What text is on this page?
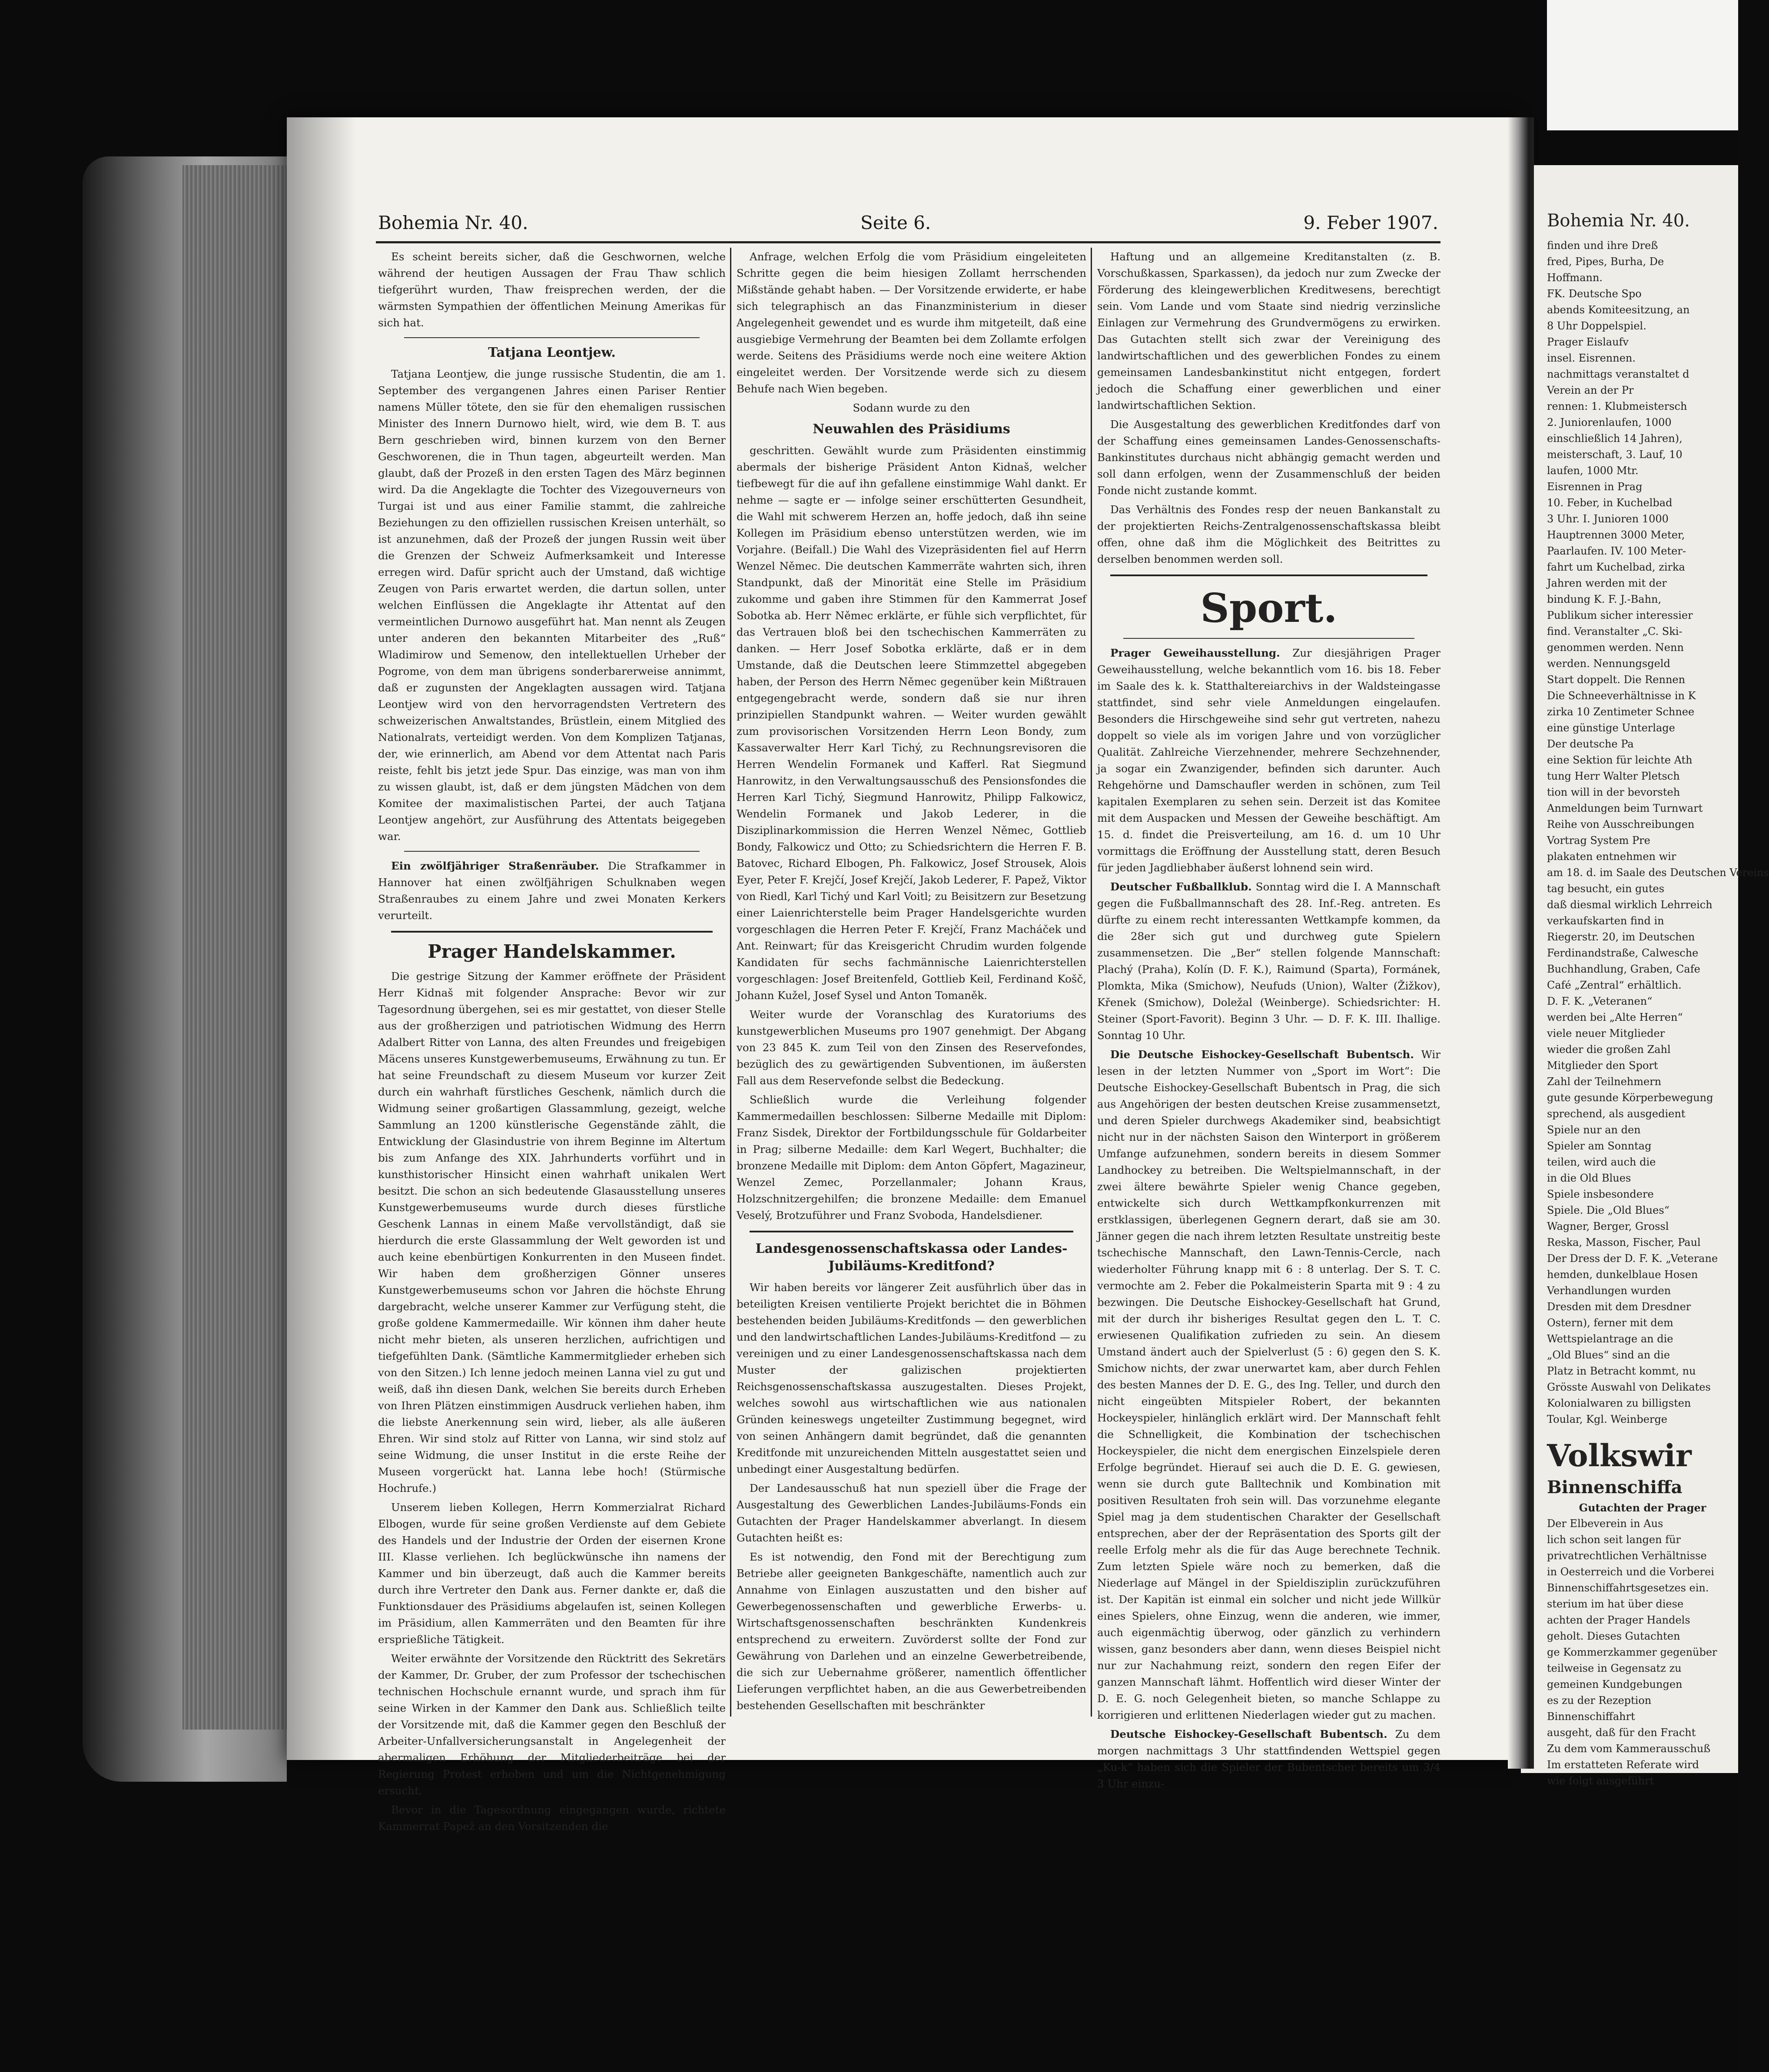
Bohemia Nr. 40.	Seite 6.	9. Feber 1907.

Es scheint bereits sicher, daß die Geschwornen, welche während der heutigen Aussagen der Frau Thaw schlich tiefgerührt wurden, Thaw freisprechen werden, der die wärmsten Sympathien der öffentlichen Meinung Amerikas für sich hat.

Tatjana Leontjew.

Tatjana Leontjew, die junge russische Studentin, die am 1. September des vergangenen Jahres einen Pariser Rentier namens Müller tötete, den sie für den ehemaligen russischen Minister des Innern Durnowo hielt, wird, wie dem B. T. aus Bern geschrieben wird, binnen kurzem von den Berner Geschworenen, die in Thun tagen, abgeurteilt werden. Man glaubt, daß der Prozeß in den ersten Tagen des März beginnen wird. Da die Angeklagte die Tochter des Vizegouverneurs von Turgai ist und aus einer Familie stammt, die zahlreiche Beziehungen zu den offiziellen russischen Kreisen unterhält, so ist anzunehmen, daß der Prozeß der jungen Russin weit über die Grenzen der Schweiz Aufmerksamkeit und Interesse erregen wird. Dafür spricht auch der Umstand, daß wichtige Zeugen von Paris erwartet werden, die dartun sollen, unter welchen Einflüssen die Angeklagte ihr Attentat auf den vermeintlichen Durnowo ausgeführt hat. Man nennt als Zeugen unter anderen den bekannten Mitarbeiter des „Ruß“ Wladimirow und Semenow, den intellektuellen Urheber der Pogrome, von dem man übrigens sonderbarerweise annimmt, daß er zugunsten der Angeklagten aussagen wird. Tatjana Leontjew wird von den hervorragendsten Vertretern des schweizerischen Anwaltstandes, Brüstlein, einem Mitglied des Nationalrats, verteidigt werden. Von dem Komplizen Tatjanas, der, wie erinnerlich, am Abend vor dem Attentat nach Paris reiste, fehlt bis jetzt jede Spur. Das einzige, was man von ihm zu wissen glaubt, ist, daß er dem jüngsten Mädchen von dem Komitee der maximalistischen Partei, der auch Tatjana Leontjew angehört, zur Ausführung des Attentats beigegeben war.

Ein zwölfjähriger Straßenräuber. Die Strafkammer in Hannover hat einen zwölfjährigen Schulknaben wegen Straßenraubes zu einem Jahre und zwei Monaten Kerkers verurteilt.

Prager Handelskammer.

Die gestrige Sitzung der Kammer eröffnete der Präsident Herr Kidnaš mit folgender Ansprache: Bevor wir zur Tagesordnung übergehen, sei es mir gestattet, von dieser Stelle aus der großherzigen und patriotischen Widmung des Herrn Adalbert Ritter von Lanna, des alten Freundes und freigebigen Mäcens unseres Kunstgewerbemuseums, Erwähnung zu tun. Er hat seine Freundschaft zu diesem Museum vor kurzer Zeit durch ein wahrhaft fürstliches Geschenk, nämlich durch die Widmung seiner großartigen Glassammlung, gezeigt, welche Sammlung an 1200 künstlerische Gegenstände zählt, die Entwicklung der Glasindustrie von ihrem Beginne im Altertum bis zum Anfange des XIX. Jahrhunderts vorführt und in kunsthistorischer Hinsicht einen wahrhaft unikalen Wert besitzt. Die schon an sich bedeutende Glasausstellung unseres Kunstgewerbemuseums wurde durch dieses fürstliche Geschenk Lannas in einem Maße vervollständigt, daß sie hierdurch die erste Glassammlung der Welt geworden ist und auch keine ebenbürtigen Konkurrenten in den Museen findet. Wir haben dem großherzigen Gönner unseres Kunstgewerbemuseums schon vor Jahren die höchste Ehrung dargebracht, welche unserer Kammer zur Verfügung steht, die große goldene Kammermedaille. Wir können ihm daher heute nicht mehr bieten, als unseren herzlichen, aufrichtigen und tiefgefühlten Dank. (Sämtliche Kammermitglieder erheben sich von den Sitzen.) Ich lenne jedoch meinen Lanna viel zu gut und weiß, daß ihn diesen Dank, welchen Sie bereits durch Erheben von Ihren Plätzen einstimmigen Ausdruck verliehen haben, ihm die liebste Anerkennung sein wird, lieber, als alle äußeren Ehren. Wir sind stolz auf Ritter von Lanna, wir sind stolz auf seine Widmung, die unser Institut in die erste Reihe der Museen vorgerückt hat. Lanna lebe hoch! (Stürmische Hochrufe.)

Unserem lieben Kollegen, Herrn Kommerzialrat Richard Elbogen, wurde für seine großen Verdienste auf dem Gebiete des Handels und der Industrie der Orden der eisernen Krone III. Klasse verliehen. Ich beglückwünsche ihn namens der Kammer und bin überzeugt, daß auch die Kammer bereits durch ihre Vertreter den Dank aus. Ferner dankte er, daß die Funktionsdauer des Präsidiums abgelaufen ist, seinen Kollegen im Präsidium, allen Kammerräten und den Beamten für ihre ersprießliche Tätigkeit.

Weiter erwähnte der Vorsitzende den Rücktritt des Sekretärs der Kammer, Dr. Gruber, der zum Professor der tschechischen technischen Hochschule ernannt wurde, und sprach ihm für seine Wirken in der Kammer den Dank aus. Schließlich teilte der Vorsitzende mit, daß die Kammer gegen den Beschluß der Arbeiter-Unfallversicherungsanstalt in Angelegenheit der abermaligen Erhöhung der Mitgliederbeiträge bei der Regierung Protest erhoben und um die Nichtgenehmigung ersucht.

Bevor in die Tagesordnung eingegangen wurde, richtete Kammerrat Papež an den Vorsitzenden die

Anfrage, welchen Erfolg die vom Präsidium eingeleiteten Schritte gegen die beim hiesigen Zollamt herrschenden Mißstände gehabt haben. — Der Vorsitzende erwiderte, er habe sich telegraphisch an das Finanzministerium in dieser Angelegenheit gewendet und es wurde ihm mitgeteilt, daß eine ausgiebige Vermehrung der Beamten bei dem Zollamte erfolgen werde. Seitens des Präsidiums werde noch eine weitere Aktion eingeleitet werden. Der Vorsitzende werde sich zu diesem Behufe nach Wien begeben.

Sodann wurde zu den

Neuwahlen des Präsidiums

geschritten. Gewählt wurde zum Präsidenten einstimmig abermals der bisherige Präsident Anton Kidnaš, welcher tiefbewegt für die auf ihn gefallene einstimmige Wahl dankt. Er nehme — sagte er — infolge seiner erschütterten Gesundheit, die Wahl mit schwerem Herzen an, hoffe jedoch, daß ihn seine Kollegen im Präsidium ebenso unterstützen werden, wie im Vorjahre. (Beifall.) Die Wahl des Vizepräsidenten fiel auf Herrn Wenzel Němec. Die deutschen Kammerräte wahrten sich, ihren Standpunkt, daß der Minorität eine Stelle im Präsidium zukomme und gaben ihre Stimmen für den Kammerrat Josef Sobotka ab. Herr Němec erklärte, er fühle sich verpflichtet, für das Vertrauen bloß bei den tschechischen Kammerräten zu danken. — Herr Josef Sobotka erklärte, daß er in dem Umstande, daß die Deutschen leere Stimmzettel abgegeben haben, der Person des Herrn Němec gegenüber kein Mißtrauen entgegengebracht werde, sondern daß sie nur ihren prinzipiellen Standpunkt wahren. — Weiter wurden gewählt zum provisorischen Vorsitzenden Herrn Leon Bondy, zum Kassaverwalter Herr Karl Tichý, zu Rechnungsrevisoren die Herren Wendelin Formanek und Kafferl. Rat Siegmund Hanrowitz, in den Verwaltungsausschuß des Pensionsfondes die Herren Karl Tichý, Siegmund Hanrowitz, Philipp Falkowicz, Wendelin Formanek und Jakob Lederer, in die Disziplinarkommission die Herren Wenzel Němec, Gottlieb Bondy, Falkowicz und Otto; zu Schiedsrichtern die Herren F. B. Batovec, Richard Elbogen, Ph. Falkowicz, Josef Strousek, Alois Eyer, Peter F. Krejčí, Josef Krejčí, Jakob Lederer, F. Papež, Viktor von Riedl, Karl Tichý und Karl Voitl; zu Beisitzern zur Besetzung einer Laienrichterstelle beim Prager Handelsgerichte wurden vorgeschlagen die Herren Peter F. Krejčí, Franz Macháček und Ant. Reinwart; für das Kreisgericht Chrudim wurden folgende Kandidaten für sechs fachmännische Laienrichterstellen vorgeschlagen: Josef Breitenfeld, Gottlieb Keil, Ferdinand Košč, Johann Kužel, Josef Sysel und Anton Tomaněk.

Weiter wurde der Voranschlag des Kuratoriums des kunstgewerblichen Museums pro 1907 genehmigt. Der Abgang von 23 845 K. zum Teil von den Zinsen des Reservefondes, bezüglich des zu gewärtigenden Subventionen, im äußersten Fall aus dem Reservefonde selbst die Bedeckung.

Schließlich wurde die Verleihung folgender Kammermedaillen beschlossen: Silberne Medaille mit Diplom: Franz Sisdek, Direktor der Fortbildungsschule für Goldarbeiter in Prag; silberne Medaille: dem Karl Wegert, Buchhalter; die bronzene Medaille mit Diplom: dem Anton Göpfert, Magazineur, Wenzel Zemec, Porzellanmaler; Johann Kraus, Holzschnitzergehilfen; die bronzene Medaille: dem Emanuel Veselý, Brotzuführer und Franz Svoboda, Handelsdiener.

Landesgenossenschaftskassa oder Landes-Jubiläums-Kreditfond?

Wir haben bereits vor längerer Zeit ausführlich über das in beteiligten Kreisen ventilierte Projekt berichtet die in Böhmen bestehenden beiden Jubiläums-Kreditfonds — den gewerblichen und den landwirtschaftlichen Landes-Jubiläums-Kreditfond — zu vereinigen und zu einer Landesgenossenschaftskassa nach dem Muster der galizischen projektierten Reichsgenossenschaftskassa auszugestalten. Dieses Projekt, welches sowohl aus wirtschaftlichen wie aus nationalen Gründen keineswegs ungeteilter Zustimmung begegnet, wird von seinen Anhängern damit begründet, daß die genannten Kreditfonde mit unzureichenden Mitteln ausgestattet seien und unbedingt einer Ausgestaltung bedürfen.

Der Landesausschuß hat nun speziell über die Frage der Ausgestaltung des Gewerblichen Landes-Jubiläums-Fonds ein Gutachten der Prager Handelskammer abverlangt. In diesem Gutachten heißt es:

Es ist notwendig, den Fond mit der Berechtigung zum Betriebe aller geeigneten Bankgeschäfte, namentlich auch zur Annahme von Einlagen auszustatten und den bisher auf Gewerbegenossenschaften und gewerbliche Erwerbs- u. Wirtschaftsgenossenschaften beschränkten Kundenkreis entsprechend zu erweitern. Zuvörderst sollte der Fond zur Gewährung von Darlehen und an einzelne Gewerbetreibende, die sich zur Uebernahme größerer, namentlich öffentlicher Lieferungen verpflichtet haben, an die aus Gewerbetreibenden bestehenden Gesellschaften mit beschränkter

Haftung und an allgemeine Kreditanstalten (z. B. Vorschußkassen, Sparkassen), da jedoch nur zum Zwecke der Förderung des kleingewerblichen Kreditwesens, berechtigt sein. Vom Lande und vom Staate sind niedrig verzinsliche Einlagen zur Vermehrung des Grundvermögens zu erwirken. Das Gutachten stellt sich zwar der Vereinigung des landwirtschaftlichen und des gewerblichen Fondes zu einem gemeinsamen Landesbankinstitut nicht entgegen, fordert jedoch die Schaffung einer gewerblichen und einer landwirtschaftlichen Sektion.

Die Ausgestaltung des gewerblichen Kreditfondes darf von der Schaffung eines gemeinsamen Landes-Genossenschafts-Bankinstitutes durchaus nicht abhängig gemacht werden und soll dann erfolgen, wenn der Zusammenschluß der beiden Fonde nicht zustande kommt.

Das Verhältnis des Fondes resp der neuen Bankanstalt zu der projektierten Reichs-Zentralgenossenschaftskassa bleibt offen, ohne daß ihm die Möglichkeit des Beitrittes zu derselben benommen werden soll.

Sport.

Prager Geweihausstellung. Zur diesjährigen Prager Geweihausstellung, welche bekanntlich vom 16. bis 18. Feber im Saale des k. k. Statthaltereiarchivs in der Waldsteingasse stattfindet, sind sehr viele Anmeldungen eingelaufen. Besonders die Hirschgeweihe sind sehr gut vertreten, nahezu doppelt so viele als im vorigen Jahre und von vorzüglicher Qualität. Zahlreiche Vierzehnender, mehrere Sechzehnender, ja sogar ein Zwanzigender, befinden sich darunter. Auch Rehgehörne und Damschaufler werden in schönen, zum Teil kapitalen Exemplaren zu sehen sein. Derzeit ist das Komitee mit dem Auspacken und Messen der Geweihe beschäftigt. Am 15. d. findet die Preisverteilung, am 16. d. um 10 Uhr vormittags die Eröffnung der Ausstellung statt, deren Besuch für jeden Jagdliebhaber äußerst lohnend sein wird.

Deutscher Fußballklub. Sonntag wird die I. A Mannschaft gegen die Fußballmannschaft des 28. Inf.-Reg. antreten. Es dürfte zu einem recht interessanten Wettkampfe kommen, da die 28er sich gut und durchweg gute Spielern zusammensetzen. Die „Ber“ stellen folgende Mannschaft: Plachý (Praha), Kolín (D. F. K.), Raimund (Sparta), Formánek, Plomkta, Mika (Smichow), Neufuds (Union), Walter (Žižkov), Křenek (Smichow), Doležal (Weinberge). Schiedsrichter: H. Steiner (Sport-Favorit). Beginn 3 Uhr. — D. F. K. III. Ihallige. Sonntag 10 Uhr.

Die Deutsche Eishockey-Gesellschaft Bubentsch. Wir lesen in der letzten Nummer von „Sport im Wort“: Die Deutsche Eishockey-Gesellschaft Bubentsch in Prag, die sich aus Angehörigen der besten deutschen Kreise zusammensetzt, und deren Spieler durchwegs Akademiker sind, beabsichtigt nicht nur in der nächsten Saison den Winterport in größerem Umfange aufzunehmen, sondern bereits in diesem Sommer Landhockey zu betreiben. Die Weltspielmannschaft, in der zwei ältere bewährte Spieler wenig Chance gegeben, entwickelte sich durch Wettkampfkonkurrenzen mit erstklassigen, überlegenen Gegnern derart, daß sie am 30. Jänner gegen die nach ihrem letzten Resultate unstreitig beste tschechische Mannschaft, den Lawn-Tennis-Cercle, nach wiederholter Führung knapp mit 6 : 8 unterlag. Der S. T. C. vermochte am 2. Feber die Pokalmeisterin Sparta mit 9 : 4 zu bezwingen. Die Deutsche Eishockey-Gesellschaft hat Grund, mit der durch ihr bisheriges Resultat gegen den L. T. C. erwiesenen Qualifikation zufrieden zu sein. An diesem Umstand ändert auch der Spielverlust (5 : 6) gegen den S. K. Smichow nichts, der zwar unerwartet kam, aber durch Fehlen des besten Mannes der D. E. G., des Ing. Teller, und durch den nicht eingeübten Mitspieler Robert, der bekannten Hockeyspieler, hinlänglich erklärt wird. Der Mannschaft fehlt die Schnelligkeit, die Kombination der tschechischen Hockeyspieler, die nicht dem energischen Einzelspiele deren Erfolge begründet. Hierauf sei auch die D. E. G. gewiesen, wenn sie durch gute Balltechnik und Kombination mit positiven Resultaten froh sein will. Das vorzunehme elegante Spiel mag ja dem studentischen Charakter der Gesellschaft entsprechen, aber der der Repräsentation des Sports gilt der reelle Erfolg mehr als die für das Auge berechnete Technik. Zum letzten Spiele wäre noch zu bemerken, daß die Niederlage auf Mängel in der Spieldisziplin zurückzuführen ist. Der Kapitän ist einmal ein solcher und nicht jede Willkür eines Spielers, ohne Einzug, wenn die anderen, wie immer, auch eigenmächtig überwog, oder gänzlich zu verhindern wissen, ganz besonders aber dann, wenn dieses Beispiel nicht nur zur Nachahmung reizt, sondern den regen Eifer der ganzen Mannschaft lähmt. Hoffentlich wird dieser Winter der D. E. G. noch Gelegenheit bieten, so manche Schlappe zu korrigieren und erlittenen Niederlagen wieder gut zu machen.

Deutsche Eishockey-Gesellschaft Bubentsch. Zu dem morgen nachmittags 3 Uhr stattfindenden Wettspiel gegen „Ku-k“ haben sich die Spieler der Bubentscher bereits um 3/4 3 Uhr einzu-

Bohemia Nr. 40.

finden und ihre Dreß

fred, Pipes, Burha, De

Hoffmann.

FK. Deutsche Spo

abends Komiteesitzung, an

8 Uhr Doppelspiel.

Prager Eislaufv

insel. Eisrennen.

nachmittags veranstaltet d

Verein an der Pr

rennen: 1. Klubmeistersch

2. Juniorenlaufen, 1000

einschließlich 14 Jahren),

meisterschaft, 3. Lauf, 10

laufen, 1000 Mtr.

Eisrennen in Prag

10. Feber, in Kuchelbad

3 Uhr. I. Junioren 1000

Hauptrennen 3000 Meter,

Paarlaufen. IV. 100 Meter-

fahrt um Kuchelbad, zirka

Jahren werden mit der

bindung K. F. J.-Bahn,

Publikum sicher interessier

find. Veranstalter „C. Ski-

genommen werden. Nenn

werden. Nennungsgeld

Start doppelt. Die Rennen

Die Schneeverhältnisse in K

zirka 10 Zentimeter Schnee

eine günstige Unterlage

Der deutsche Pa

eine Sektion für leichte Ath

tung Herr Walter Pletsch

tion will in der bevorsteh

Anmeldungen beim Turnwart

Reihe von Ausschreibungen

Vortrag System Pre

plakaten entnehmen wir

am 18. d. im Saale des Deutschen Vereins

tag besucht, ein gutes

daß diesmal wirklich Lehrreich

verkaufskarten find in

Riegerstr. 20, im Deutschen

Ferdinandstraße, Calwesche

Buchhandlung, Graben, Cafe

Café „Zentral“ erhältlich.

D. F. K. „Veteranen“

werden bei „Alte Herren“

viele neuer Mitglieder

wieder die großen Zahl

Mitglieder den Sport

Zahl der Teilnehmern

gute gesunde Körperbewegung

sprechend, als ausgedient

Spiele nur an den

Spieler am Sonntag

teilen, wird auch die

in die Old Blues

Spiele insbesondere

Spiele. Die „Old Blues“

Wagner, Berger, Grossl

Reska, Masson, Fischer, Paul

Der Dress der D. F. K. „Veterane

hemden, dunkelblaue Hosen

Verhandlungen wurden

Dresden mit dem Dresdner

Ostern), ferner mit dem

Wettspielantrage an die

„Old Blues“ sind an die

Platz in Betracht kommt, nu

Grösste Auswahl von Delikates

Kolonialwaren zu billigsten

Toular, Kgl. Weinberge

Volkswir
Binnenschiffa

Gutachten der Prager

Der Elbeverein in Aus

lich schon seit langen für

privatrechtlichen Verhältnisse

in Oesterreich und die Vorberei

Binnenschiffahrtsgesetzes ein.

sterium im hat über diese

achten der Prager Handels

geholt. Dieses Gutachten

ge Kommerzkammer gegenüber

teilweise in Gegensatz zu

gemeinen Kundgebungen

es zu der Rezeption

Binnenschiffahrt

ausgeht, daß für den Fracht

Zu dem vom Kammerausschuß

Im erstatteten Referate wird

wie folgt ausgeführt
